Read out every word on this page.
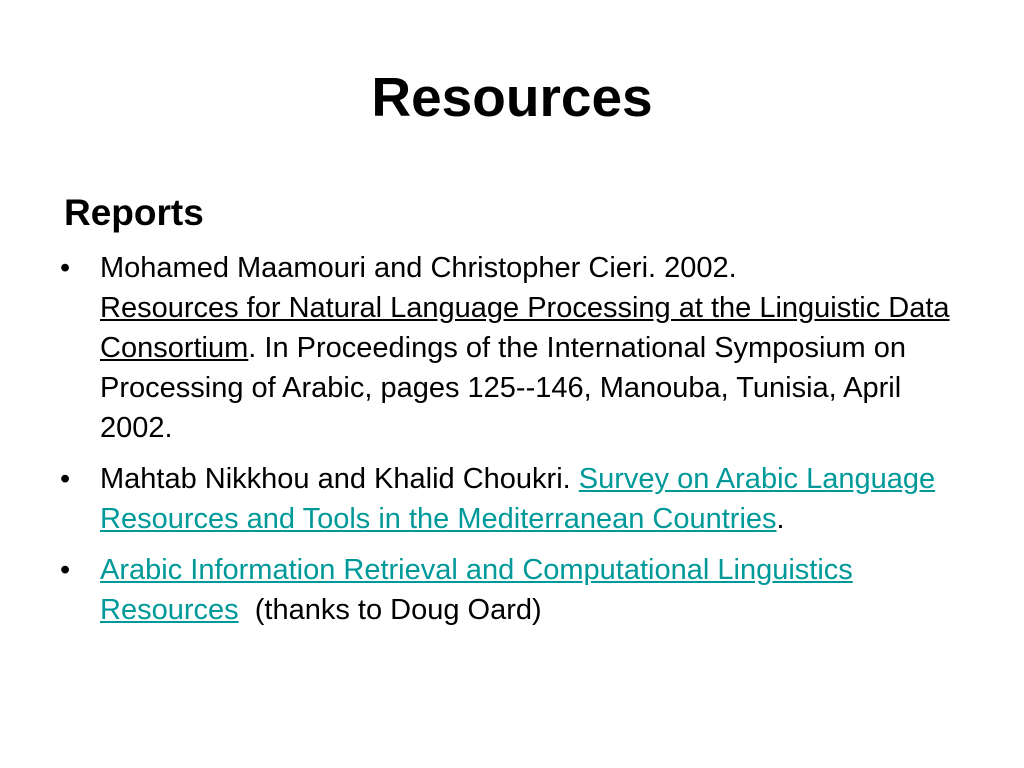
Resources
Reports
• Mohamed Maamouri and Christopher Cieri. 2002.
Resources for Natural Language Processing at the Linguistic Data Consortium. In Proceedings of the International Symposium on Processing of Arabic, pages 125--146, Manouba, Tunisia, April 2002.
• Mahtab Nikkhou and Khalid Choukri. Survey on Arabic Language Resources and Tools in the Mediterranean Countries.
• Arabic Information Retrieval and Computational Linguistics Resources (thanks to Doug Oard)
